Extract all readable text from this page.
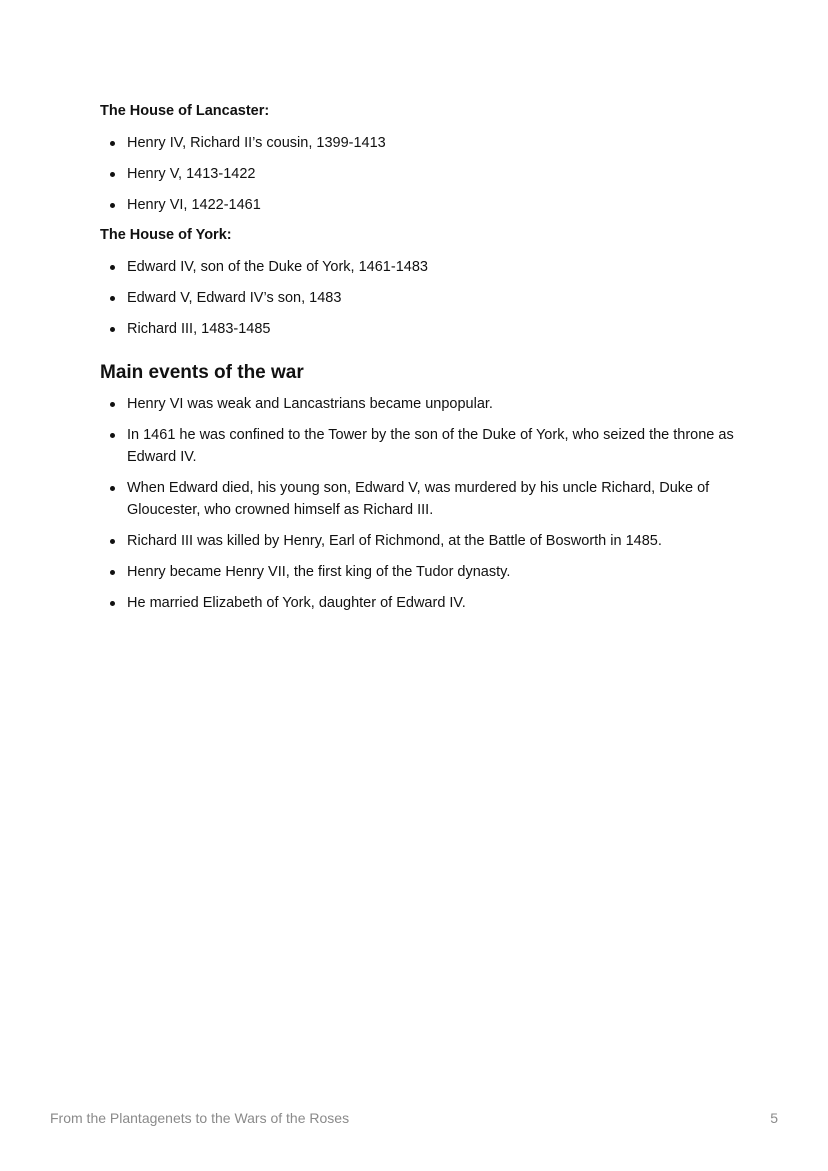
The House of Lancaster:
Henry IV, Richard II’s cousin, 1399-1413
Henry V, 1413-1422
Henry VI, 1422-1461
The House of York:
Edward IV, son of the Duke of York, 1461-1483
Edward V, Edward IV’s son, 1483
Richard III, 1483-1485
Main events of the war
Henry VI was weak and Lancastrians became unpopular.
In 1461 he was confined to the Tower by the son of the Duke of York, who seized the throne as Edward IV.
When Edward died, his young son, Edward V, was murdered by his uncle Richard, Duke of Gloucester, who crowned himself as Richard III.
Richard III was killed by Henry, Earl of Richmond, at the Battle of Bosworth in 1485.
Henry became Henry VII, the first king of the Tudor dynasty.
He married Elizabeth of York, daughter of Edward IV.
From the Plantagenets to the Wars of the Roses	5
